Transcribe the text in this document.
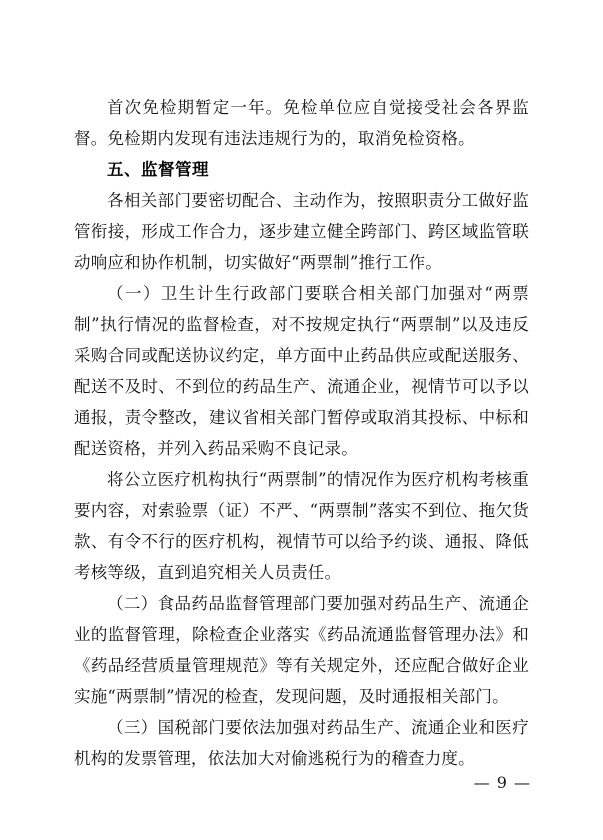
首次免检期暂定一年。免检单位应自觉接受社会各界监督。免检期内发现有违法违规行为的，取消免检资格。

五、监督管理

各相关部门要密切配合、主动作为，按照职责分工做好监管衔接，形成工作合力，逐步建立健全跨部门、跨区域监管联动响应和协作机制，切实做好“两票制”推行工作。

（一）卫生计生行政部门要联合相关部门加强对“两票制”执行情况的监督检查，对不按规定执行“两票制”以及违反采购合同或配送协议约定，单方面中止药品供应或配送服务、配送不及时、不到位的药品生产、流通企业，视情节可以予以通报，责令整改，建议省相关部门暂停或取消其投标、中标和配送资格，并列入药品采购不良记录。

将公立医疗机构执行“两票制”的情况作为医疗机构考核重要内容，对索验票（证）不严、“两票制”落实不到位、拖欠货款、有令不行的医疗机构，视情节可以给予约谈、通报、降低考核等级，直到追究相关人员责任。

（二）食品药品监督管理部门要加强对药品生产、流通企业的监督管理，除检查企业落实《药品流通监督管理办法》和《药品经营质量管理规范》等有关规定外，还应配合做好企业实施“两票制”情况的检查，发现问题，及时通报相关部门。

（三）国税部门要依法加强对药品生产、流通企业和医疗机构的发票管理，依法加大对偷逃税行为的稽查力度。

— 9 —
